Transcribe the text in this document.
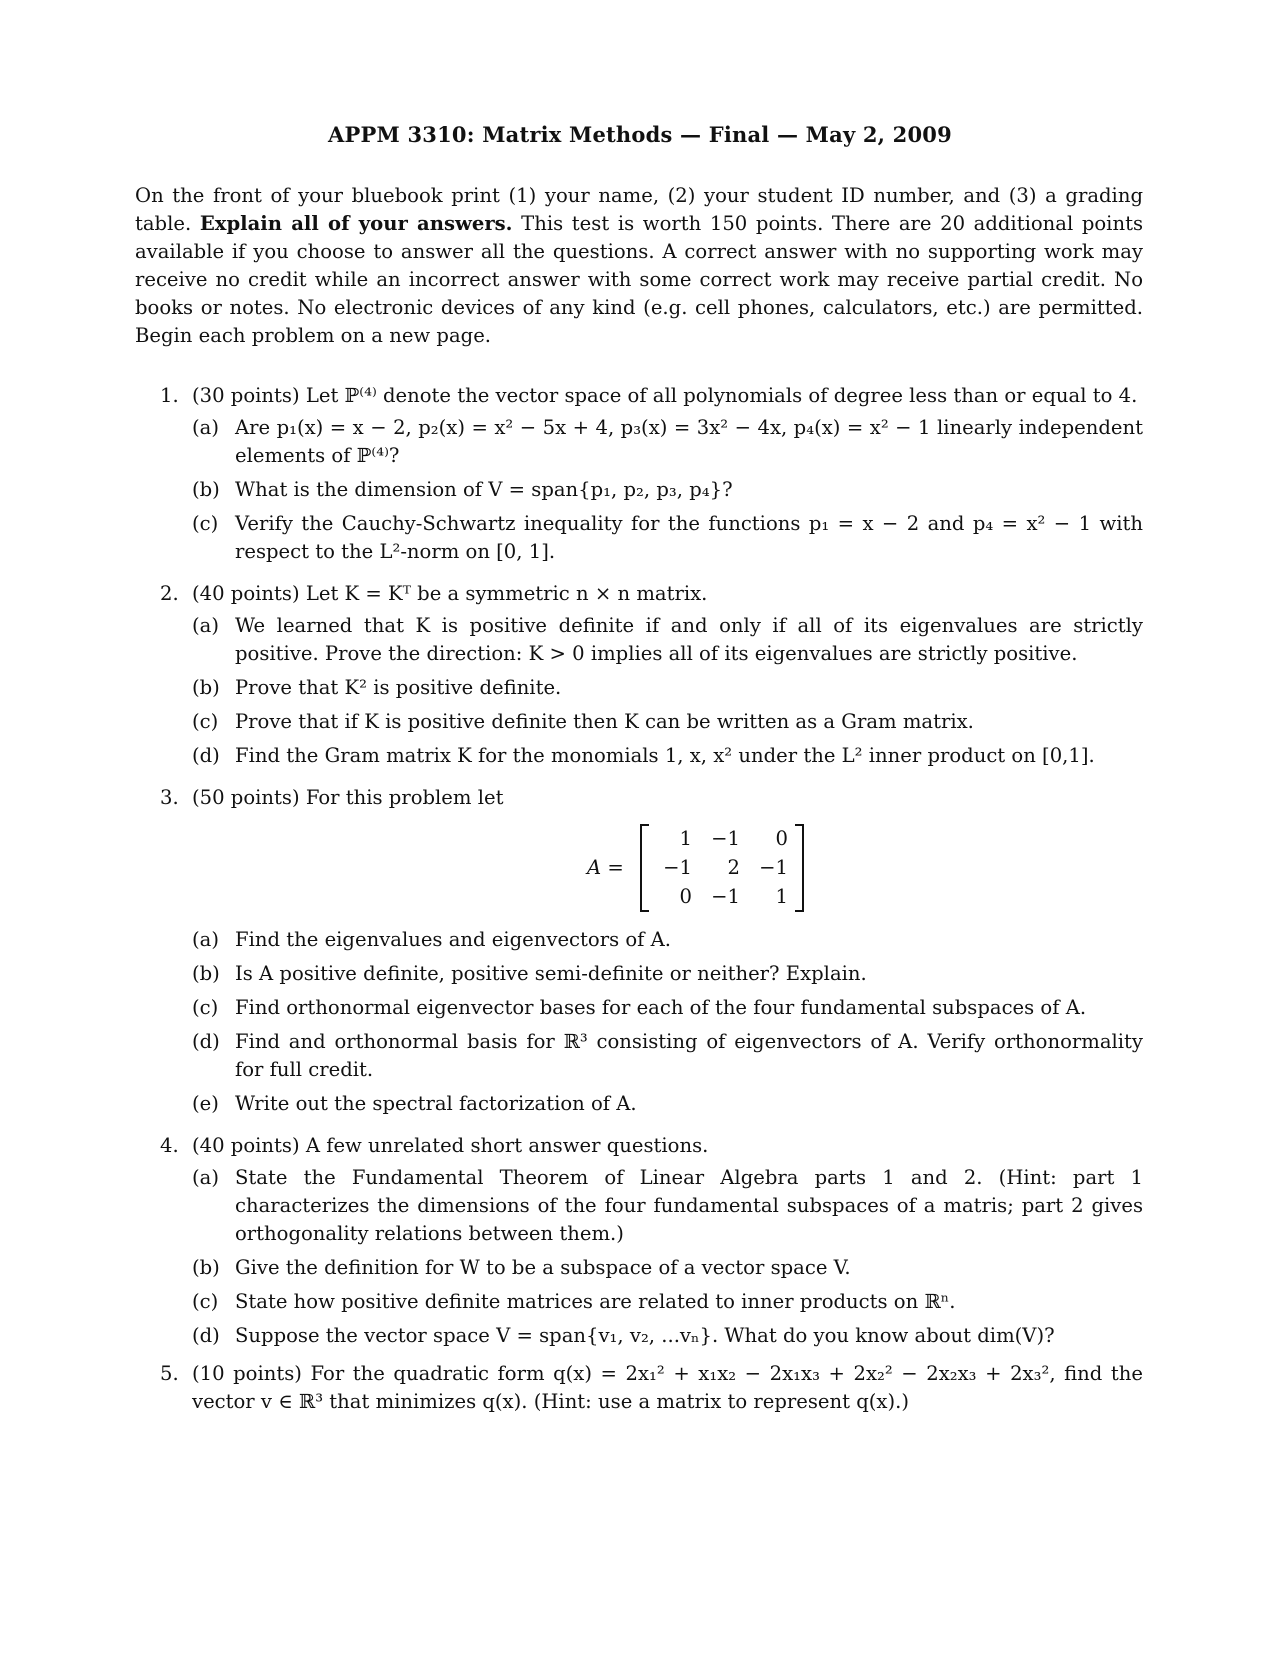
APPM 3310: Matrix Methods — Final — May 2, 2009
On the front of your bluebook print (1) your name, (2) your student ID number, and (3) a grading table. Explain all of your answers. This test is worth 150 points. There are 20 additional points available if you choose to answer all the questions. A correct answer with no supporting work may receive no credit while an incorrect answer with some correct work may receive partial credit. No books or notes. No electronic devices of any kind (e.g. cell phones, calculators, etc.) are permitted. Begin each problem on a new page.
1. (30 points) Let ℙ⁽⁴⁾ denote the vector space of all polynomials of degree less than or equal to 4.
(a) Are p₁(x) = x − 2, p₂(x) = x² − 5x + 4, p₃(x) = 3x² − 4x, p₄(x) = x² − 1 linearly independent elements of ℙ⁽⁴⁾?
(b) What is the dimension of V = span{p₁, p₂, p₃, p₄}?
(c) Verify the Cauchy-Schwartz inequality for the functions p₁ = x − 2 and p₄ = x² − 1 with respect to the L²-norm on [0, 1].
2. (40 points) Let K = Kᵀ be a symmetric n × n matrix.
(a) We learned that K is positive definite if and only if all of its eigenvalues are strictly positive. Prove the direction: K > 0 implies all of its eigenvalues are strictly positive.
(b) Prove that K² is positive definite.
(c) Prove that if K is positive definite then K can be written as a Gram matrix.
(d) Find the Gram matrix K for the monomials 1, x, x² under the L² inner product on [0,1].
3. (50 points) For this problem let
A =
1 −1	0
−1	2 −1
0 −1	1
(a) Find the eigenvalues and eigenvectors of A.
(b) Is A positive definite, positive semi-definite or neither? Explain.
(c) Find orthonormal eigenvector bases for each of the four fundamental subspaces of A.
(d) Find and orthonormal basis for ℝ³ consisting of eigenvectors of A. Verify orthonormality for full credit.
(e) Write out the spectral factorization of A.
4. (40 points) A few unrelated short answer questions.
(a) State the Fundamental Theorem of Linear Algebra parts 1 and 2. (Hint: part 1 characterizes the dimensions of the four fundamental subspaces of a matris; part 2 gives orthogonality relations between them.)
(b) Give the definition for W to be a subspace of a vector space V.
(c) State how positive definite matrices are related to inner products on ℝⁿ.
(d) Suppose the vector space V = span{v₁, v₂, ...vₙ}. What do you know about dim(V)?
5. (10 points) For the quadratic form q(x) = 2x₁² + x₁x₂ − 2x₁x₃ + 2x₂² − 2x₂x₃ + 2x₃², find the vector v ∈ ℝ³ that minimizes q(x). (Hint: use a matrix to represent q(x).)
